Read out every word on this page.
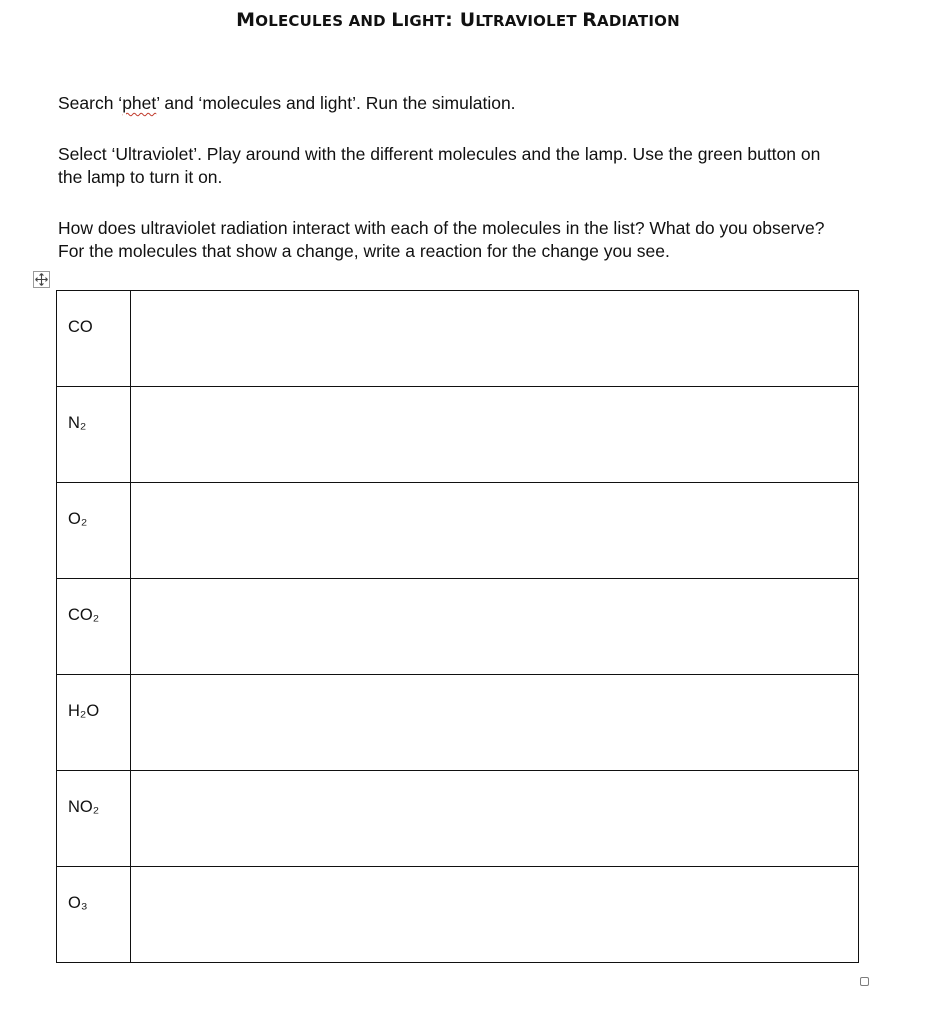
MOLECULES AND LIGHT: ULTRAVIOLET RADIATION
Search ‘phet’ and ‘molecules and light’. Run the simulation.
Select ‘Ultraviolet’. Play around with the different molecules and the lamp. Use the green button on the lamp to turn it on.
How does ultraviolet radiation interact with each of the molecules in the list? What do you observe? For the molecules that show a change, write a reaction for the change you see.
CO	
N₂	
O₂	
CO₂	
H₂O	
NO₂	
O₃	
